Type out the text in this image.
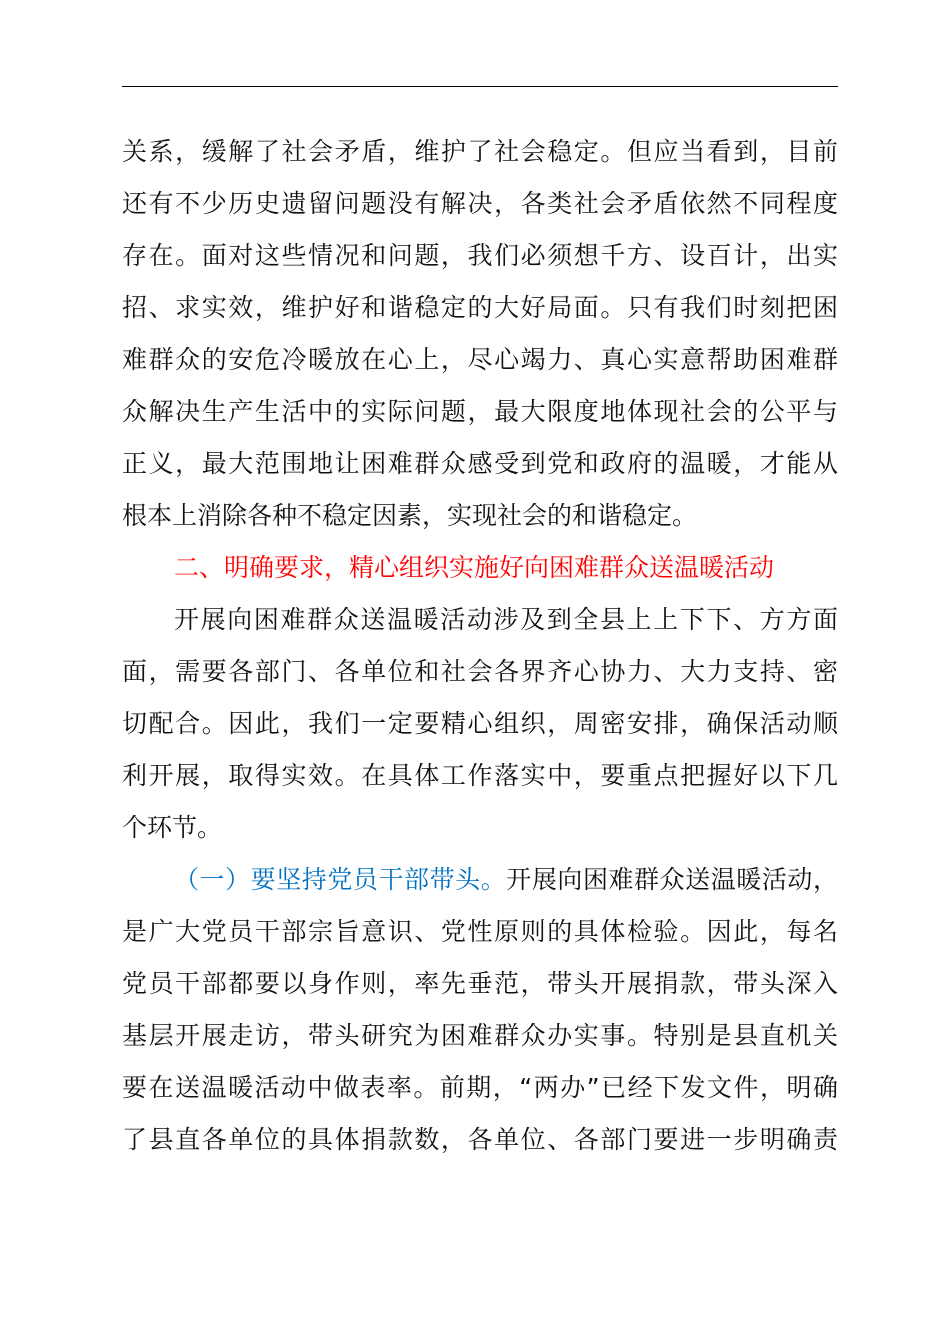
关系，缓解了社会矛盾，维护了社会稳定。但应当看到，目前
还有不少历史遗留问题没有解决，各类社会矛盾依然不同程度
存在。面对这些情况和问题，我们必须想千方、设百计，出实
招、求实效，维护好和谐稳定的大好局面。只有我们时刻把困
难群众的安危冷暖放在心上，尽心竭力、真心实意帮助困难群
众解决生产生活中的实际问题，最大限度地体现社会的公平与
正义，最大范围地让困难群众感受到党和政府的温暖，才能从
根本上消除各种不稳定因素，实现社会的和谐稳定。
二、明确要求，精心组织实施好向困难群众送温暖活动
开展向困难群众送温暖活动涉及到全县上上下下、方方面
面，需要各部门、各单位和社会各界齐心协力、大力支持、密
切配合。因此，我们一定要精心组织，周密安排，确保活动顺
利开展，取得实效。在具体工作落实中，要重点把握好以下几
个环节。
（一）要坚持党员干部带头。开展向困难群众送温暖活动，
是广大党员干部宗旨意识、党性原则的具体检验。因此，每名
党员干部都要以身作则，率先垂范，带头开展捐款，带头深入
基层开展走访，带头研究为困难群众办实事。特别是县直机关
要在送温暖活动中做表率。前期，“两办”已经下发文件，明确
了县直各单位的具体捐款数，各单位、各部门要进一步明确责
